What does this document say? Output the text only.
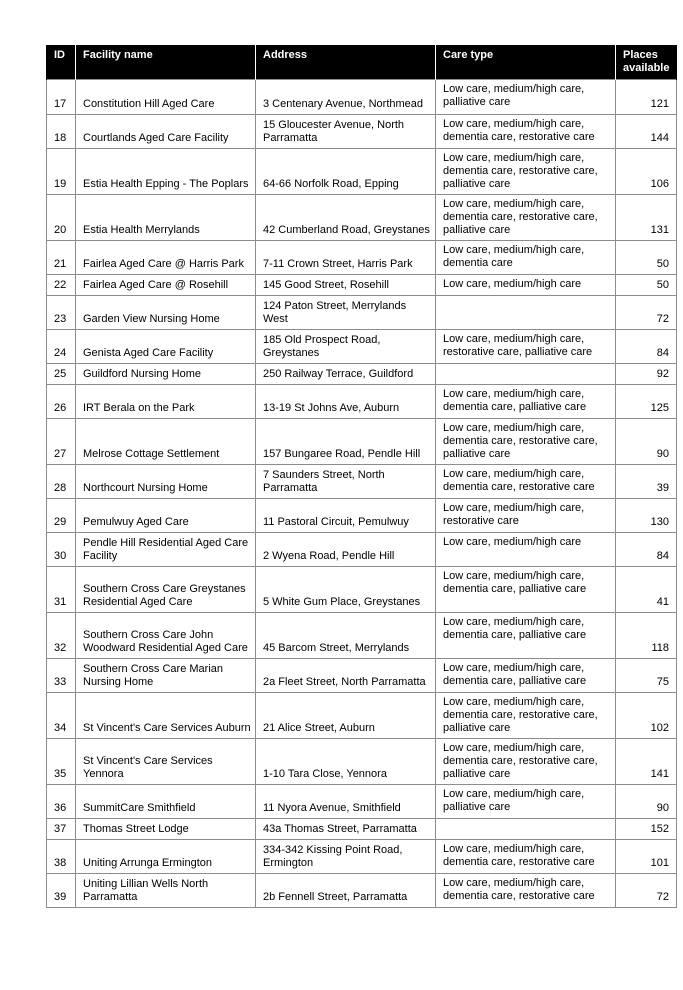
ID	Facility name	Address	Care type	Places available
17	Constitution Hill Aged Care	3 Centenary Avenue, Northmead	Low care, medium/high care, palliative care	121
18	Courtlands Aged Care Facility	15 Gloucester Avenue, North Parramatta	Low care, medium/high care, dementia care, restorative care	144
19	Estia Health Epping - The Poplars	64-66 Norfolk Road, Epping	Low care, medium/high care, dementia care, restorative care, palliative care	106
20	Estia Health Merrylands	42 Cumberland Road, Greystanes	Low care, medium/high care, dementia care, restorative care, palliative care	131
21	Fairlea Aged Care @ Harris Park	7-11 Crown Street, Harris Park	Low care, medium/high care, dementia care	50
22	Fairlea Aged Care @ Rosehill	145 Good Street, Rosehill	Low care, medium/high care	50
23	Garden View Nursing Home	124 Paton Street, Merrylands West		72
24	Genista Aged Care Facility	185 Old Prospect Road, Greystanes	Low care, medium/high care, restorative care, palliative care	84
25	Guildford Nursing Home	250 Railway Terrace, Guildford		92
26	IRT Berala on the Park	13-19 St Johns Ave, Auburn	Low care, medium/high care, dementia care, palliative care	125
27	Melrose Cottage Settlement	157 Bungaree Road, Pendle Hill	Low care, medium/high care, dementia care, restorative care, palliative care	90
28	Northcourt Nursing Home	7 Saunders Street, North Parramatta	Low care, medium/high care, dementia care, restorative care	39
29	Pemulwuy Aged Care	11 Pastoral Circuit, Pemulwuy	Low care, medium/high care, restorative care	130
30	Pendle Hill Residential Aged Care Facility	2 Wyena Road, Pendle Hill	Low care, medium/high care	84
31	Southern Cross Care Greystanes Residential Aged Care	5 White Gum Place, Greystanes	Low care, medium/high care, dementia care, palliative care	41
32	Southern Cross Care John Woodward Residential Aged Care	45 Barcom Street, Merrylands	Low care, medium/high care, dementia care, palliative care	118
33	Southern Cross Care Marian Nursing Home	2a Fleet Street, North Parramatta	Low care, medium/high care, dementia care, palliative care	75
34	St Vincent's Care Services Auburn	21 Alice Street, Auburn	Low care, medium/high care, dementia care, restorative care, palliative care	102
35	St Vincent's Care Services Yennora	1-10 Tara Close, Yennora	Low care, medium/high care, dementia care, restorative care, palliative care	141
36	SummitCare Smithfield	11 Nyora Avenue, Smithfield	Low care, medium/high care, palliative care	90
37	Thomas Street Lodge	43a Thomas Street, Parramatta		152
38	Uniting Arrunga Ermington	334-342 Kissing Point Road, Ermington	Low care, medium/high care, dementia care, restorative care	101
39	Uniting Lillian Wells North Parramatta	2b Fennell Street, Parramatta	Low care, medium/high care, dementia care, restorative care	72
